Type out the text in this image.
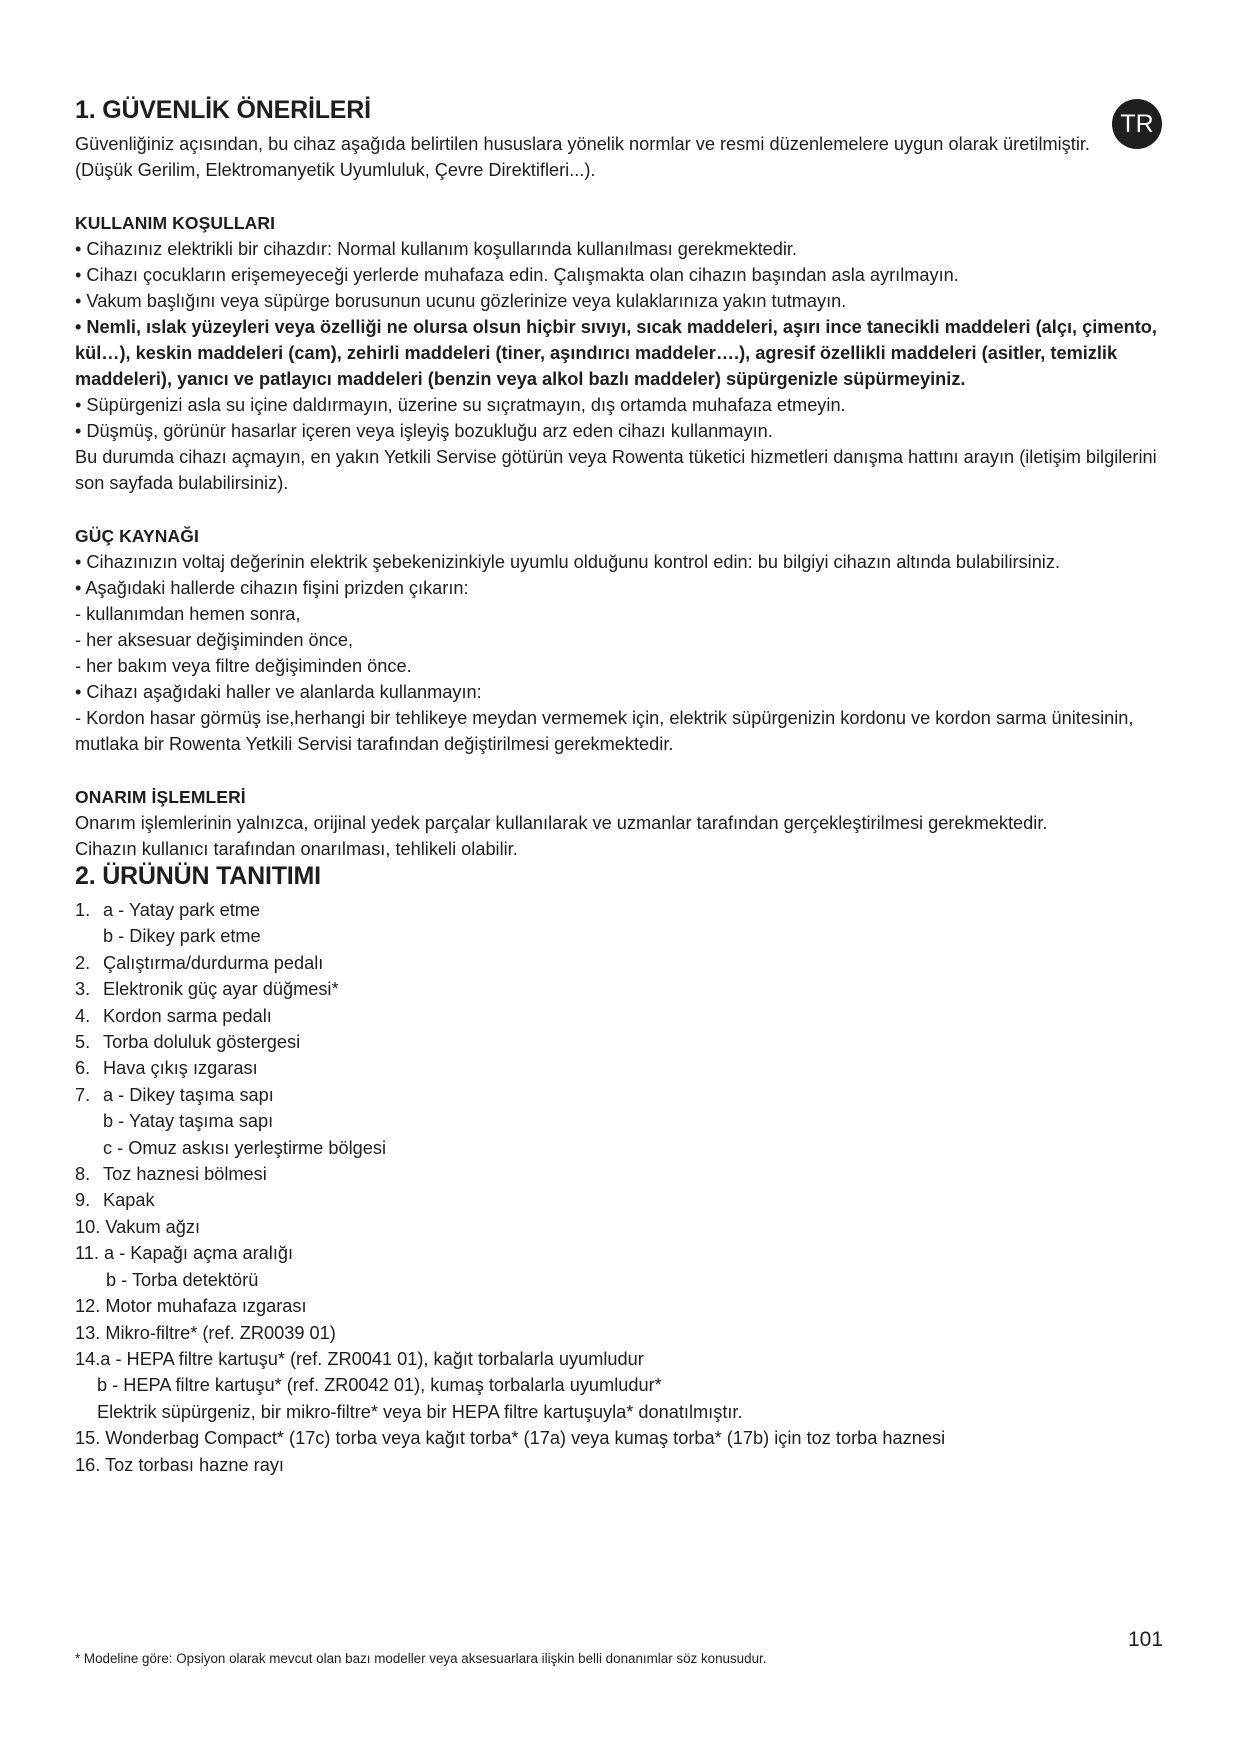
TR
1. GÜVENLİK ÖNERİLERİ

Güvenliğiniz açısından, bu cihaz aşağıda belirtilen hususlara yönelik normlar ve resmi düzenlemelere uygun olarak üretilmiştir. (Düşük Gerilim, Elektromanyetik Uyumluluk, Çevre Direktifleri...).

KULLANIM KOŞULLARI

• Cihazınız elektrikli bir cihazdır: Normal kullanım koşullarında kullanılması gerekmektedir.

• Cihazı çocukların erişemeyeceği yerlerde muhafaza edin. Çalışmakta olan cihazın başından asla ayrılmayın.

• Vakum başlığını veya süpürge borusunun ucunu gözlerinize veya kulaklarınıza yakın tutmayın.

• Nemli, ıslak yüzeyleri veya özelliği ne olursa olsun hiçbir sıvıyı, sıcak maddeleri, aşırı ince tanecikli maddeleri (alçı, çimento, kül…), keskin maddeleri (cam), zehirli maddeleri (tiner, aşındırıcı maddeler….), agresif özellikli maddeleri (asitler, temizlik maddeleri), yanıcı ve patlayıcı maddeleri (benzin veya alkol bazlı maddeler) süpürgenizle süpürmeyiniz.

• Süpürgenizi asla su içine daldırmayın, üzerine su sıçratmayın, dış ortamda muhafaza etmeyin.

• Düşmüş, görünür hasarlar içeren veya işleyiş bozukluğu arz eden cihazı kullanmayın.

Bu durumda cihazı açmayın, en yakın Yetkili Servise götürün veya Rowenta tüketici hizmetleri danışma hattını arayın (iletişim bilgilerini son sayfada bulabilirsiniz).

GÜÇ KAYNAĞI

• Cihazınızın voltaj değerinin elektrik şebekenizinkiyle uyumlu olduğunu kontrol edin: bu bilgiyi cihazın altında bulabilirsiniz.

• Aşağıdaki hallerde cihazın fişini prizden çıkarın:

- kullanımdan hemen sonra,

- her aksesuar değişiminden önce,

- her bakım veya filtre değişiminden önce.

• Cihazı aşağıdaki haller ve alanlarda kullanmayın:

- Kordon hasar görmüş ise,herhangi bir tehlikeye meydan vermemek için, elektrik süpürgenizin kordonu ve kordon sarma ünitesinin, mutlaka bir Rowenta Yetkili Servisi tarafından değiştirilmesi gerekmektedir.

ONARIM İŞLEMLERİ

Onarım işlemlerinin yalnızca, orijinal yedek parçalar kullanılarak ve uzmanlar tarafından gerçekleştirilmesi gerekmektedir.

Cihazın kullanıcı tarafından onarılması, tehlikeli olabilir.

2. ÜRÜNÜN TANITIMI
1. a - Yatay park etme
b - Dikey park etme
2. Çalıştırma/durdurma pedalı
3. Elektronik güç ayar düğmesi*
4. Kordon sarma pedalı
5. Torba doluluk göstergesi
6. Hava çıkış ızgarası
7. a - Dikey taşıma sapı
b - Yatay taşıma sapı
c - Omuz askısı yerleştirme bölgesi
8. Toz haznesi bölmesi
9. Kapak
10. Vakum ağzı
11. a - Kapağı açma aralığı
b - Torba detektörü
12. Motor muhafaza ızgarası
13. Mikro-filtre* (ref. ZR0039 01)
14.a - HEPA filtre kartuşu* (ref. ZR0041 01), kağıt torbalarla uyumludur
b - HEPA filtre kartuşu* (ref. ZR0042 01), kumaş torbalarla uyumludur*
Elektrik süpürgeniz, bir mikro-filtre* veya bir HEPA filtre kartuşuyla* donatılmıştır.
15. Wonderbag Compact* (17c) torba veya kağıt torba* (17a) veya kumaş torba* (17b) için toz torba haznesi
16. Toz torbası hazne rayı
101
* Modeline göre: Opsiyon olarak mevcut olan bazı modeller veya aksesuarlara ilişkin belli donanımlar söz konusudur.
